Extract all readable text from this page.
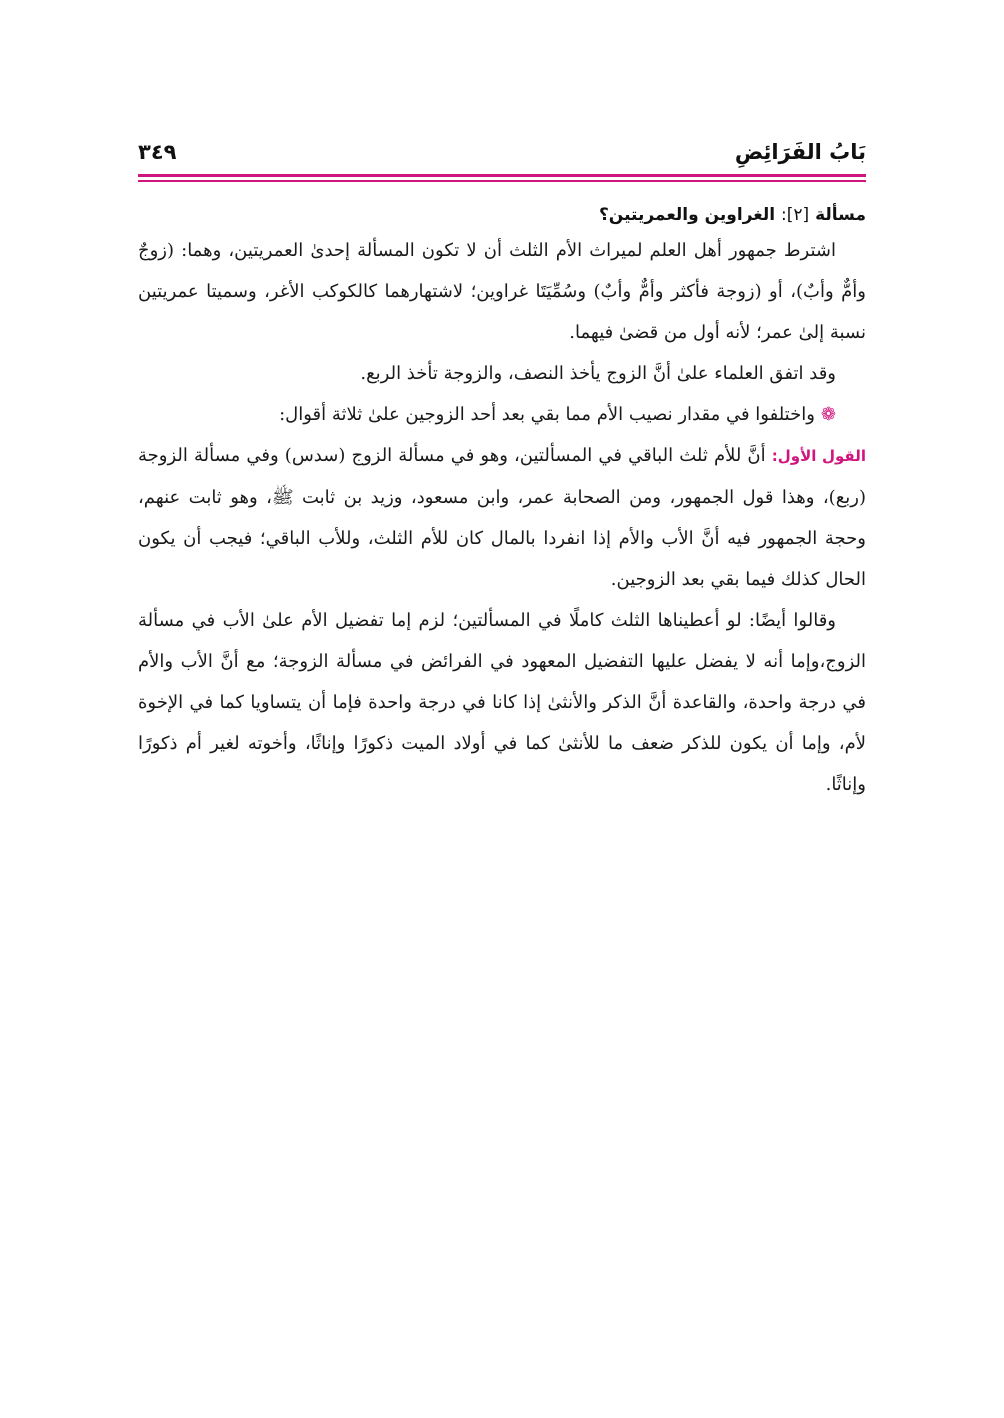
بَابُ الفَرَائِضِ
٣٤٩
مسألة [٢]: الغراوين والعمريتين؟

اشترط جمهور أهل العلم لميراث الأم الثلث أن لا تكون المسألة إحدىٰ العمريتين، وهما: (زوجٌ وأمٌّ وأبٌ)، أو (زوجة فأكثر وأمٌّ وأبٌ) وسُمِّيَتَا غراوين؛ لاشتهارهما كالكوكب الأغر، وسميتا عمريتين نسبة إلىٰ عمر؛ لأنه أول من قضىٰ فيهما.

وقد اتفق العلماء علىٰ أنَّ الزوج يأخذ النصف، والزوجة تأخذ الربع.

❁واختلفوا في مقدار نصيب الأم مما بقي بعد أحد الزوجين علىٰ ثلاثة أقوال:

القول الأول: أنَّ للأم ثلث الباقي في المسألتين، وهو في مسألة الزوج (سدس) وفي مسألة الزوجة (ربع)، وهذا قول الجمهور، ومن الصحابة عمر، وابن مسعود، وزيد بن ثابت ﷺ، وهو ثابت عنهم، وحجة الجمهور فيه أنَّ الأب والأم إذا انفردا بالمال كان للأم الثلث، وللأب الباقي؛ فيجب أن يكون الحال كذلك فيما بقي بعد الزوجين.

وقالوا أيضًا: لو أعطيناها الثلث كاملًا في المسألتين؛ لزم إما تفضيل الأم علىٰ الأب في مسألة الزوج،وإما أنه لا يفضل عليها التفضيل المعهود في الفرائض في مسألة الزوجة؛ مع أنَّ الأب والأم في درجة واحدة، والقاعدة أنَّ الذكر والأنثىٰ إذا كانا في درجة واحدة فإما أن يتساويا كما في الإخوة لأم، وإما أن يكون للذكر ضعف ما للأنثىٰ كما في أولاد الميت ذكورًا وإناثًا، وأخوته لغير أم ذكورًا وإناثًا.
